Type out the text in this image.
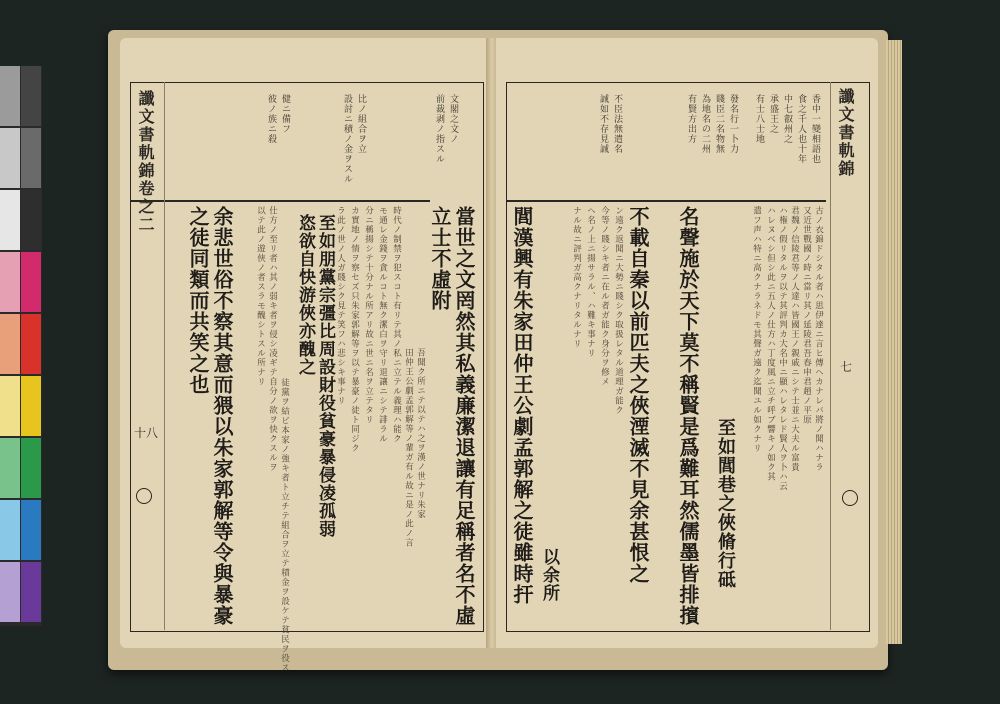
讖文書軌錦卷之二
十八
文閣之文ノ
前裁剥ノ指スル
比ノ組合ヲ立
設討ニ積ノ金ヲスル
健ニ備フ
彼ノ族ニ殺
當世之文罔然其私義廉潔退讓有足稱者名不虛
立士不虛附
余悲世俗不察其意而猥以朱家郭解等令與暴豪
之徒同類而共笑之也	至如朋黨宗彊比周設財役貧豪暴侵凌孤弱
恣欲自快游俠亦醜之
吾聞ク所ニテ以テハ之ヲ漢ノ世ナリ朱家
田仲王公劇孟郭解等ノ輩ガ有ル故ニ是ノ此ノ言
時代ノ制禁ヲ犯スコト有リテ其ノ私ニ立テル義理ハ能ク
モ通レ金錢ヲ貪ルコト無ク潔白ヲ守リ退讓ニシテ誹ラル
分ニ稱揚シテ十分ナル所アリ故ニ世ニ名ヲ立テタリ
カ實地ノ情ヲ察セズ只朱家郭解等ヲ以テ暴豪ノ徒ト同ジク
ラ此ノ世ノ人ガ賤シク見テ笑フハ悲シキ事ナリ
徒黨ヲ結ビ本家ノ強キ者ト立チテ組合ヲ立テ積金ヲ設ケテ貧民ヲ役ス
仕方ノ至リ者ハ其ノ弱キ者ヲ侵シ凌ギテ自分ノ欲ヲ快クスルヲ
以テ此ノ遊俠ノ者スラモ醜シトスル所ナリ
讖文書軌錦
七
香中一變相語也
食之千人也十年
中七叡州之
承盛王之
有士八士地
發名行一卜力
賤臣二名物無
為地名の二州
有賢方出方
不臣法無遣名
誠如不存見誠
古ノ衣錦ドシタル者ハ思伊達ニ言ヒ傳ヘカナレバ將ノ聞ハナラ
又近世戰國ノ時ニ當リ其ノ延陵君吾春申君趙ノ平原
君魏ノ信陵君等ノ人達ハ皆國王ノ親戚ニシテ士並ニ大夫ル富貴
ハ権ノ假リタルヲ以テ其評判カ大名中ニ顯ハレタレド賢人ヲ卜ハ云
ハレヌベシ但シ此ニ五人ノ仕方ハ丁度風ニ立チ呼ブ響キノ如ク其
遣フ声ハ特ニ高クナラネドモ其聲ガ遠ク迄聞ユル如クナリ
至如閭巷之俠脩行砥
名聲施於天下莫不稱賢是爲難耳然儒墨皆排擯
不載自秦以前匹夫之俠湮滅不見余甚恨之
閭漢興有朱家田仲王公劇孟郭解之徒雖時扞 以余所
ン遠ク返聞ニ大勢ニ賤シク取扱レタル道理ガ能ク
今等ノ賤シキ者ニ在ル者ガ能ク身分ヲ修メ
ヘ名ノ上ニ揚サラル、ハ難キ事ナリ
ナル故ニ評判ガ高クナリタルナリ
